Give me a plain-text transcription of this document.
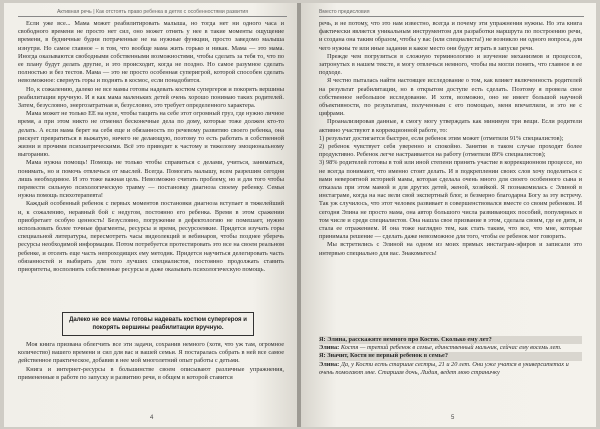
Активная речь | Как отстоять право ребенка в детях с особенностями развития

Если уже все... Мама может реабилитировать малыша, но тогда нет ни одного часа и свободного времени не просто нет сил, оно может отнять у нее в такие моменты ощущение времени, в будничные будни потраченные не на нужные функции, просто заведомо малыша изнутри. Но самое главное – в том, что вообще мама жить горько и никак. Мама — это мама. Иногда оказываются свободными собственными возможностями, чтобы сделать за тебя то, что по ее плану будут делать другие, и это происходит, когда не поздно. Но самое разумное сделать полностью и без тестов. Мама — это не просто особенная суперигрой, которой способен сделать невозможное: свернуть горы и поднять в космос, если понадобится.

Но, к сожалению, далеко не все мамы готовы надевать костюм супергероя и покорять вершины реабилитации вручную. И я как мама маленьких детей очень хорошо понимаю таких родителей. Затем, безусловно, энергозатратная и, безусловно, это требует определенного характера.

Мама может не только ЕЕ на нуле, чтобы тащить на себе этот огромный груз, где нужно личное время, а при этом никто не отменял бесконечные дела по дому, которые тоже должен кто-то делать. А если мама берет на себя еще и обязанность по речевому развитию своего ребенка, она рискует превратиться в выжатую, ничего не делающую, поэтому то есть работать в собственной жизни и прочими психиатрическими. Всё это приводит к частому и тяжелому эмоциональному выгоранию.

Мама нужна помощь! Помощь не только чтобы справиться с делами, учиться, заниматься, понимать, но и помочь отвлечься от мыслей. Всегда. Помогать малышу, всем разрешим сегодня лишь необходимое. И это тоже важная цель. Невозможно считать проблему, но и для того чтобы перевести сильную психологическую травму — постановку диагноза своему ребенку. Семья нужна помощь психотерапевта!

Каждый особенный ребенок с первых моментов постановки диагноза вступает в тяжелейший и, к сожалению, неравный бой с недугом, постоянно его ребенка. Время в этом сражении приобретает особую ценность! Безусловно, погружение в дефектологию не помешает, нужно использовать более точные фрагменты, ресурсы и время, ресурсоемкие. Придется изучать горы специальной литературы, пересмотреть часы видеолекций и вебинаров, чтобы позднее уберечь ресурсы необходимой информации. Потом потребуется протестировать это все на своем реальном ребенке, и отсеять еще часть непроходящих ему методик. Придется научиться делегировать часть обязанностей и выбирать для того лучших специалистов, постоянно продолжать ставить приоритеты, восполнить собственные ресурсы и даже оказывать психологическую помощь.

Далеко не все мамы готовы надевать костюм супергероя и покорять вершины реабилитации вручную.

Моя книга призвана облегчить все эти задачи, сохранив немного (хотя, что уж там, огромное количество) вашего времени и сил для вас и вашей семьи. Я постаралась собрать в ней все самое действенное практическое, добавив в нее мой многолетний опыт работы с детьми.

Книга и интернет-ресурсы в большинстве своем описывают различные упражнения, примененные в работе по запуску и развитию речи, в общем в которой ставится

4
Вместо предисловия

речь, и не потому, что это нам известно, всегда и почему эти упражнения нужны. Но эта книга фактически является уникальным инструментом для разработки маршрута по построению речи, и создана она таким образом, чтобы у вас (или специалиста!) не возникло ни одного вопроса, для чего нужны те или иные задания и какое место они будут играть в запуске речи.

Прежде чем погрузиться в сложную терминологию и изучение механизмов и процессов, затронутых в нашем тексте, я могу отвлечься немного, чтобы вы могли понять, что главное в ее подходе.

Я честно пыталась найти настоящее исследование о том, как влияет включенность родителей на результат реабилитации, но в открытом доступе есть сделать. Поэтому я провела свое собственное небольшое исследование. И хотя, возможно, оно не имеет большой научной объективности, по результатам, полученным с его помощью, меня впечатлили, и это не с цифрами.

Проанализировав данные, я смогу могу утверждать как минимум три вещи. Если родители активно участвуют в коррекционной работе, то:

1) результат достигается быстрее, если ребенок этим может (отметили 91% специалистов);

2) ребенок чувствует себя уверенно и спокойно. Занятия в таком случае проходят более продуктивно. Ребенок легче настраивается на работу (отметили 89% специалистов);

3) 98% родителей готовы в той или иной степени принять участие в коррекционном процессе, но не всегда понимают, что именно стоит делать. И в подкреплении своих слов хочу поделиться с вами невероятной историей мамы, которая сделала очень много для своего особенного сына и отказала при этом мамой и для других детей, женой, хозяйкой. Я познакомилась с Элиной в инстаграме, когда на нас вели свой экспертный блог, и безмерно благодарна Богу за эту встречу. Так уж случилось, что этот человек развивает в совершенствовался вместе со своим ребенком. И сегодня Элина не просто мама, она автор большого числа развивающих пособий, популярных в том числе и среди специалистов. Она нашла свое призвание в этом, сделала своим, где ее дитя, и стала ее отражением. И она тоже наглядно тем, как стать таким, что все, что мне, которые принимала решение — сделать даже невозможное для того, чтобы ее ребенок мог говорить.

Мы встретились с Элиной на одном из моих прямых инстаграм-эфиров и записали это интервью специально для вас. Знакомьтесь!

Я: Элина, расскажите немного про Костю. Сколько ему лет?

Элина: Костя — третий ребенок в семье, единственный мальчик, сейчас ему восемь лет.

Я: Значит, Костя не первый ребенок в семье?

Элина: Да, у Кости есть старшие сестры, 21 и 20 лет. Они уже учатся в университетах и очень помогают мне. Старшая дочь, Лидия, ведет мою страничку

5
